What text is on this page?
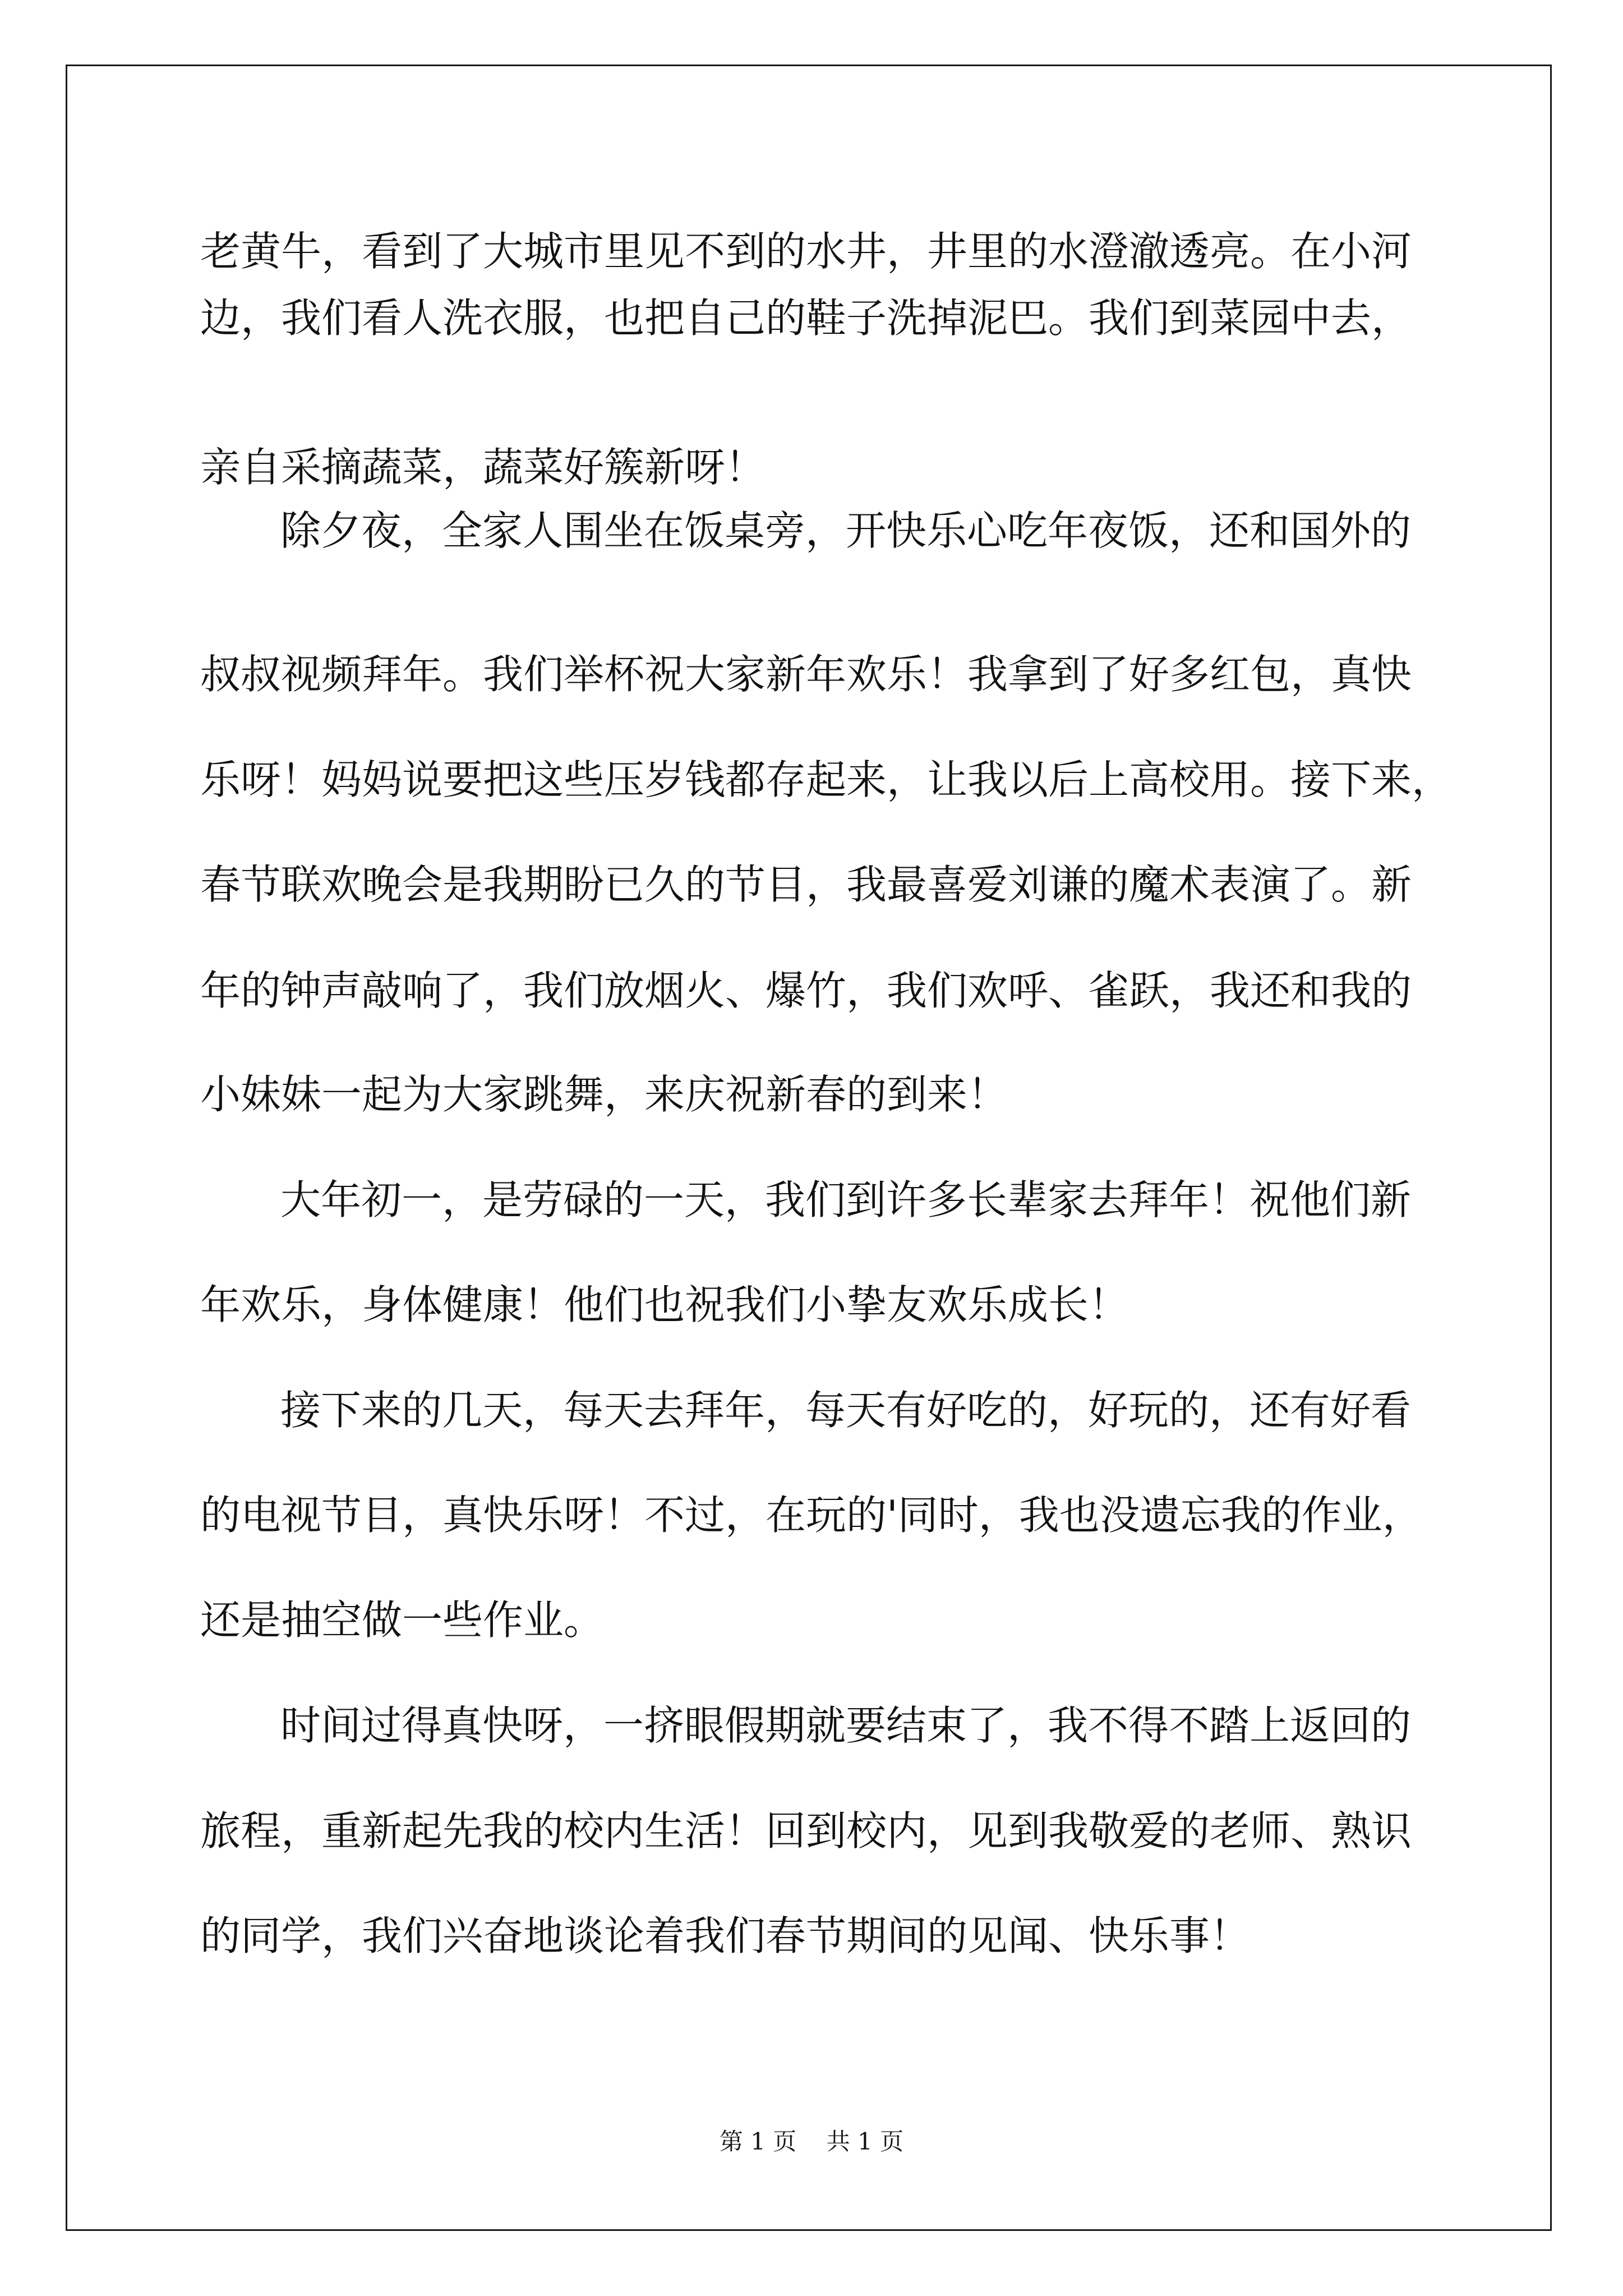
老黄牛，看到了大城市里见不到的水井，井里的水澄澈透亮。在小河

边，我们看人洗衣服，也把自己的鞋子洗掉泥巴。我们到菜园中去，

亲自采摘蔬菜，蔬菜好簇新呀！

除夕夜，全家人围坐在饭桌旁，开快乐心吃年夜饭，还和国外的

叔叔视频拜年。我们举杯祝大家新年欢乐！我拿到了好多红包，真快

乐呀！妈妈说要把这些压岁钱都存起来，让我以后上高校用。接下来，

春节联欢晚会是我期盼已久的节目，我最喜爱刘谦的魔术表演了。新

年的钟声敲响了，我们放烟火、爆竹，我们欢呼、雀跃，我还和我的

小妹妹一起为大家跳舞，来庆祝新春的到来！

大年初一，是劳碌的一天，我们到许多长辈家去拜年！祝他们新

年欢乐，身体健康！他们也祝我们小挚友欢乐成长！

接下来的几天，每天去拜年，每天有好吃的，好玩的，还有好看

的电视节目，真快乐呀！不过，在玩的'同时，我也没遗忘我的作业，

还是抽空做一些作业。

时间过得真快呀，一挤眼假期就要结束了，我不得不踏上返回的

旅程，重新起先我的校内生活！回到校内，见到我敬爱的老师、熟识

的同学，我们兴奋地谈论着我们春节期间的见闻、快乐事！

第 1 页    共 1 页
